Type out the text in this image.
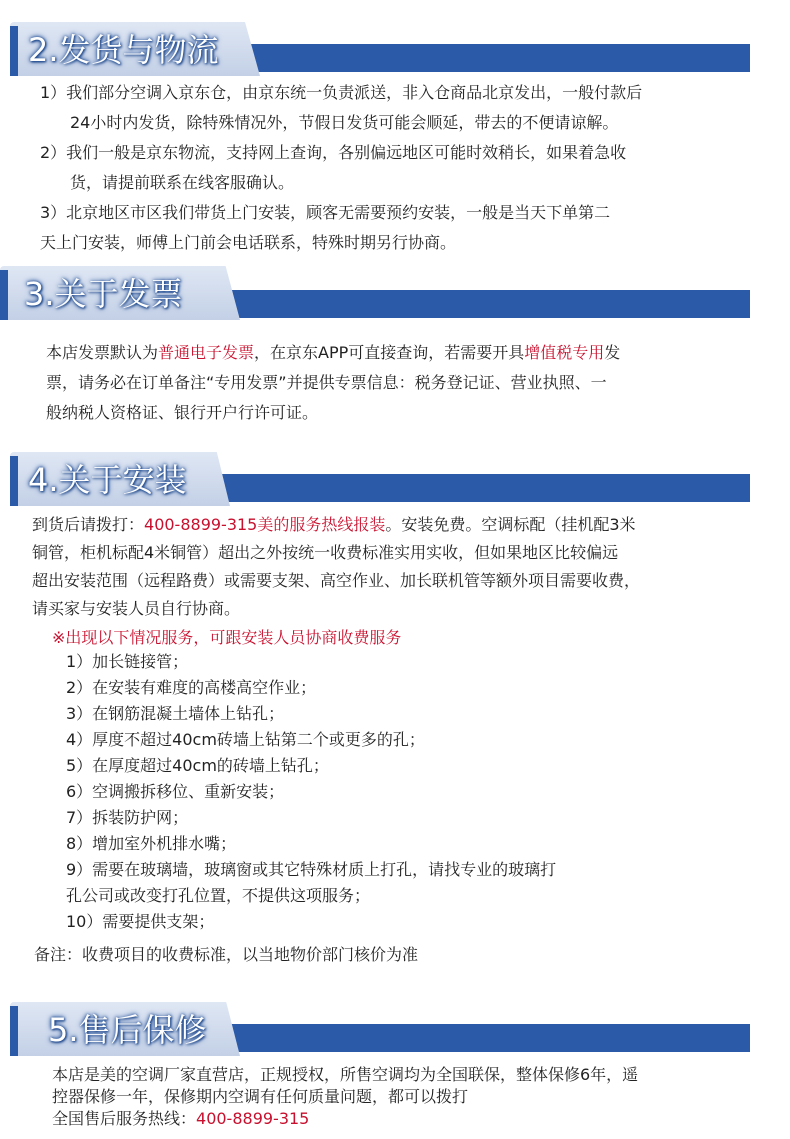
2.发货与物流
1）我们部分空调入京东仓，由京东统一负责派送，非入仓商品北京发出，一般付款后
24小时内发货，除特殊情况外，节假日发货可能会顺延，带去的不便请谅解。
2）我们一般是京东物流，支持网上查询，各别偏远地区可能时效稍长，如果着急收
货，请提前联系在线客服确认。
3）北京地区市区我们带货上门安装，顾客无需要预约安装，一般是当天下单第二
天上门安装，师傅上门前会电话联系，特殊时期另行协商。
3.关于发票
本店发票默认为普通电子发票，在京东APP可直接查询，若需要开具增值税专用发
票，请务必在订单备注“专用发票”并提供专票信息：税务登记证、营业执照、一
般纳税人资格证、银行开户行许可证。
4.关于安装
到货后请拨打：400-8899-315美的服务热线报装。安装免费。空调标配（挂机配3米
铜管，柜机标配4米铜管）超出之外按统一收费标准实用实收，但如果地区比较偏远
超出安装范围（远程路费）或需要支架、高空作业、加长联机管等额外项目需要收费，
请买家与安装人员自行协商。
※出现以下情况服务，可跟安装人员协商收费服务
1）加长链接管；
2）在安装有难度的高楼高空作业；
3）在钢筋混凝土墙体上钻孔；
4）厚度不超过40cm砖墙上钻第二个或更多的孔；
5）在厚度超过40cm的砖墙上钻孔；
6）空调搬拆移位、重新安装；
7）拆装防护网；
8）增加室外机排水嘴；
9）需要在玻璃墙，玻璃窗或其它特殊材质上打孔，请找专业的玻璃打
孔公司或改变打孔位置，不提供这项服务；
10）需要提供支架；
备注：收费项目的收费标准，以当地物价部门核价为准
5.售后保修
本店是美的空调厂家直营店，正规授权，所售空调均为全国联保，整体保修6年，遥
控器保修一年，保修期内空调有任何质量问题，都可以拨打
全国售后服务热线：400-8899-315
